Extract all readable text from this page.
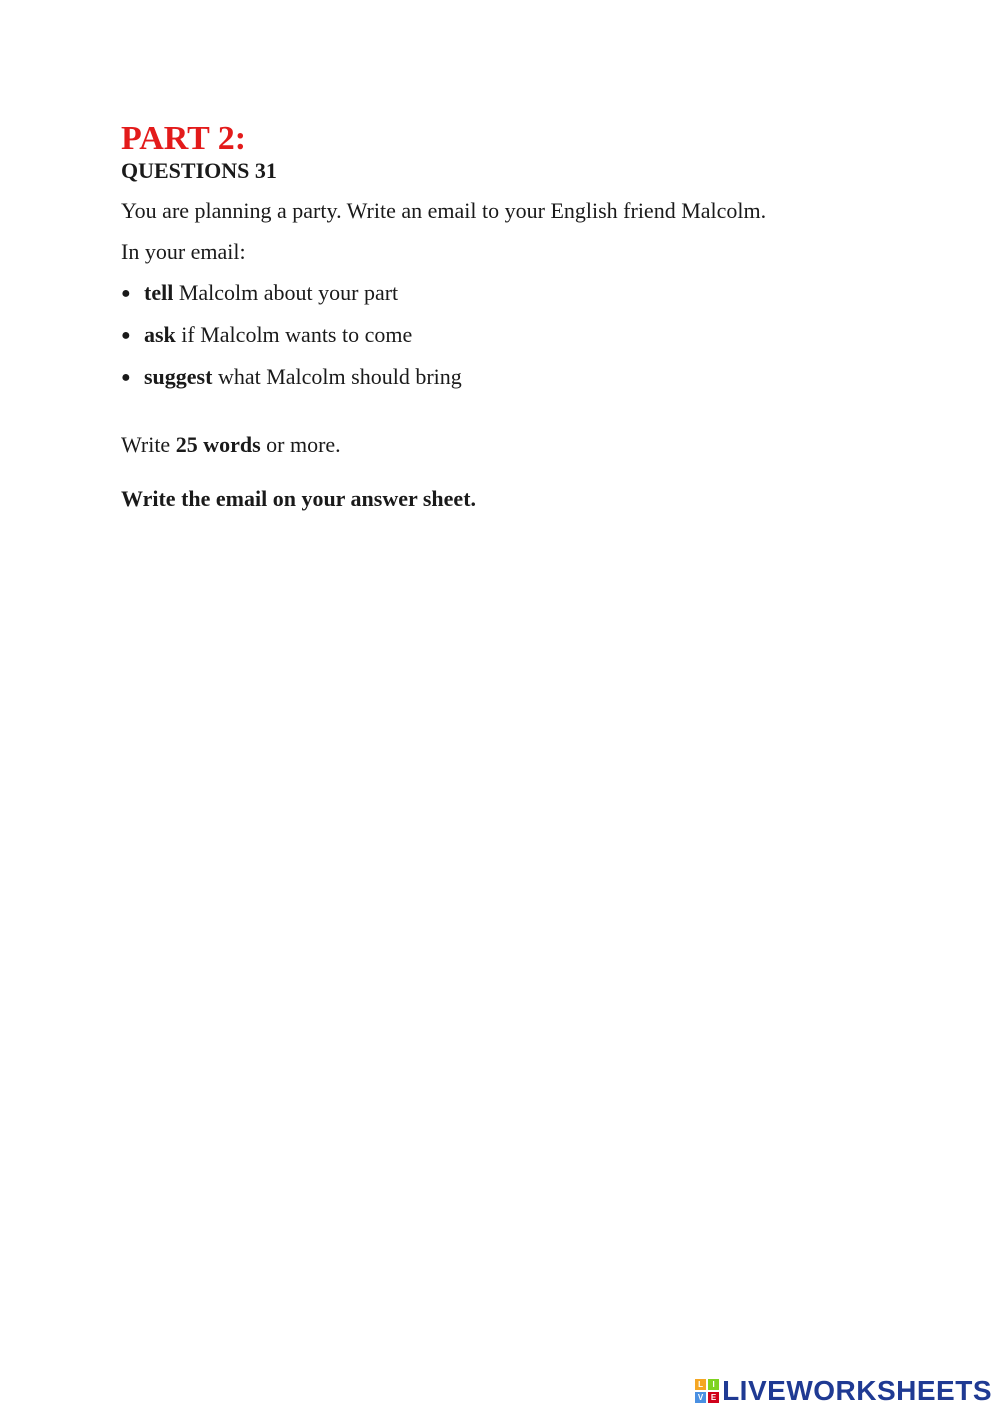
PART 2:
QUESTIONS 31

You are planning a party. Write an email to your English friend Malcolm.

In your email:

● tell Malcolm about your part
● ask if Malcolm wants to come
● suggest what Malcolm should bring

Write 25 words or more.

Write the email on your answer sheet.
L	I
V E LIVEWORKSHEETS
